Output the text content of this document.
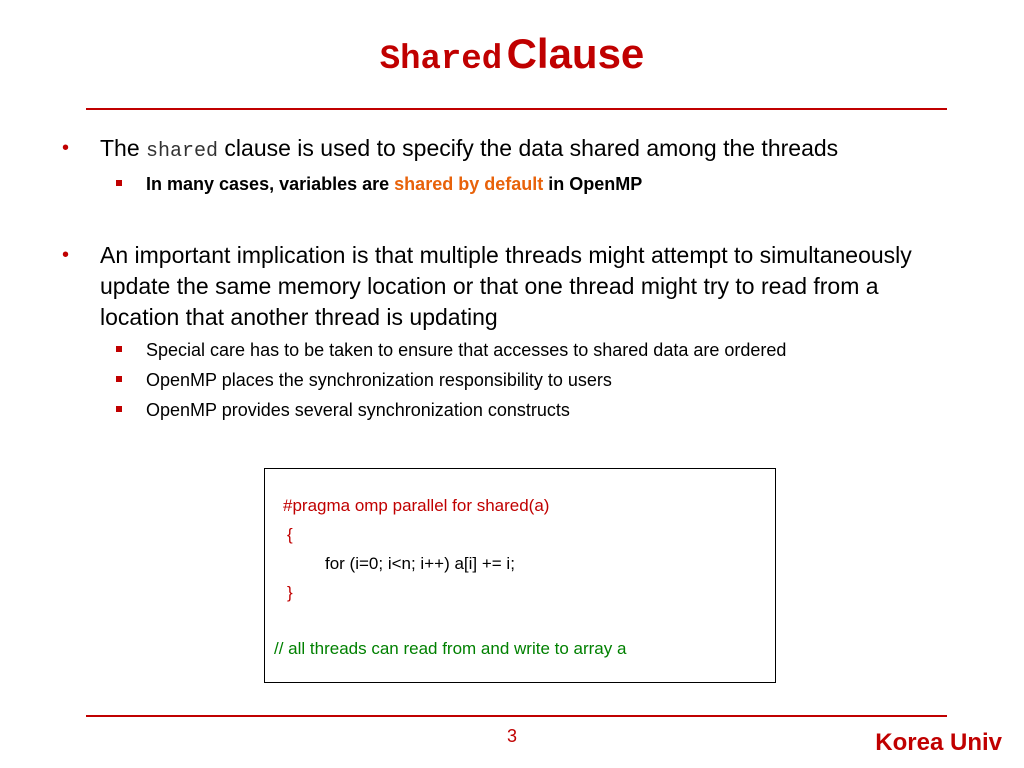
Shared Clause
• The shared clause is used to specify the data shared among the threads
In many cases, variables are shared by default in OpenMP
• An important implication is that multiple threads might attempt to simultaneously update the same memory location or that one thread might try to read from a location that another thread is updating
Special care has to be taken to ensure that accesses to shared data are ordered
OpenMP places the synchronization responsibility to users
OpenMP provides several synchronization constructs
#pragma omp parallel for shared(a)
{
for (i=0; i<n; i++) a[i] += i;
}
// all threads can read from and write to array a
3	Korea Univ
